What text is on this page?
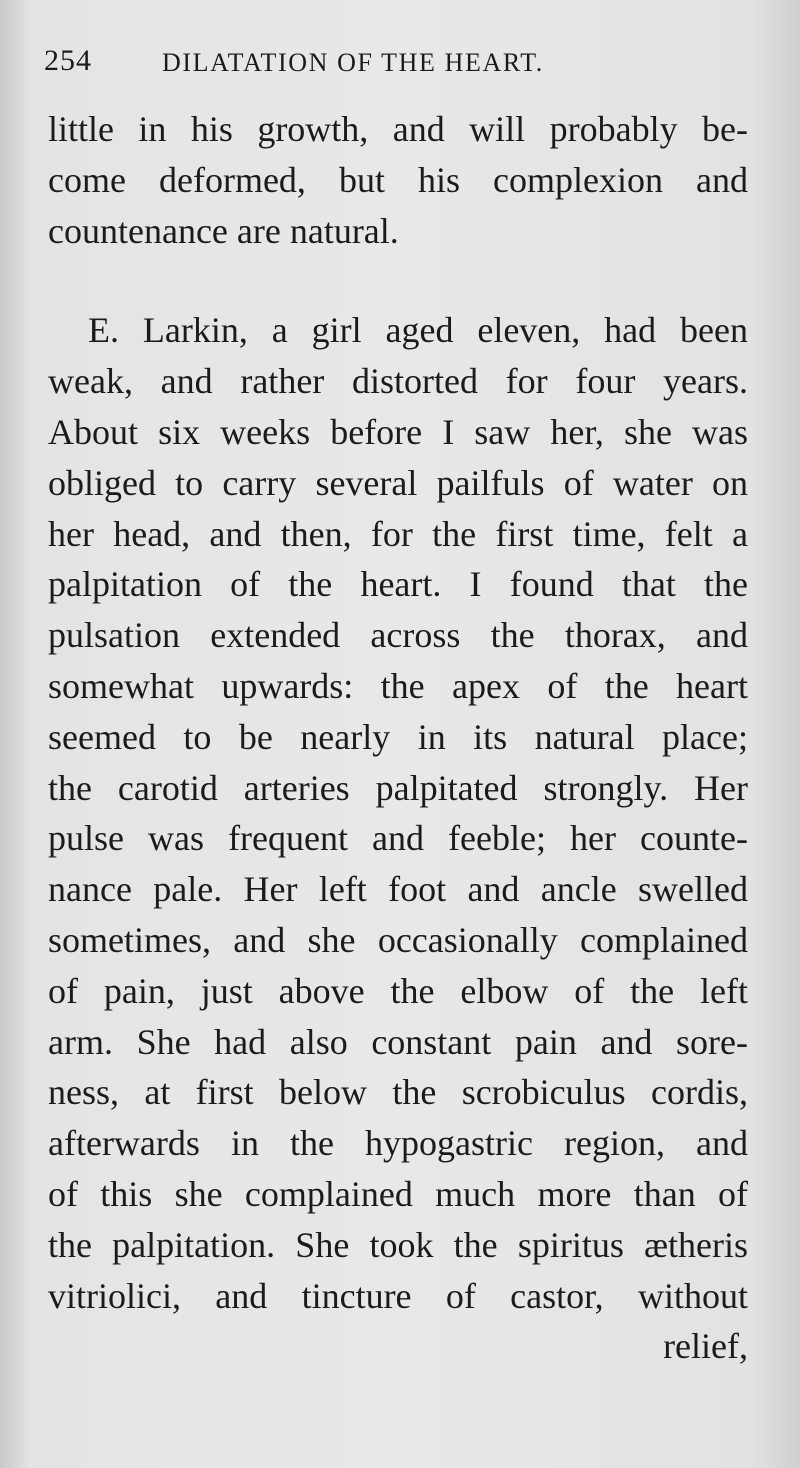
254	DILATATION OF THE HEART.
little in his growth, and will probably be-
come deformed, but his complexion and
countenance are natural.
E. Larkin, a girl aged eleven, had been
weak, and rather distorted for four years.
About six weeks before I saw her, she was
obliged to carry several pailfuls of water on
her head, and then, for the first time, felt a
palpitation of the heart. I found that the
pulsation extended across the thorax, and
somewhat upwards: the apex of the heart
seemed to be nearly in its natural place;
the carotid arteries palpitated strongly. Her
pulse was frequent and feeble; her counte-
nance pale. Her left foot and ancle swelled
sometimes, and she occasionally complained
of pain, just above the elbow of the left
arm. She had also constant pain and sore-
ness, at first below the scrobiculus cordis,
afterwards in the hypogastric region, and
of this she complained much more than of
the palpitation. She took the spiritus ætheris
vitriolici, and tincture of castor, without
relief,
